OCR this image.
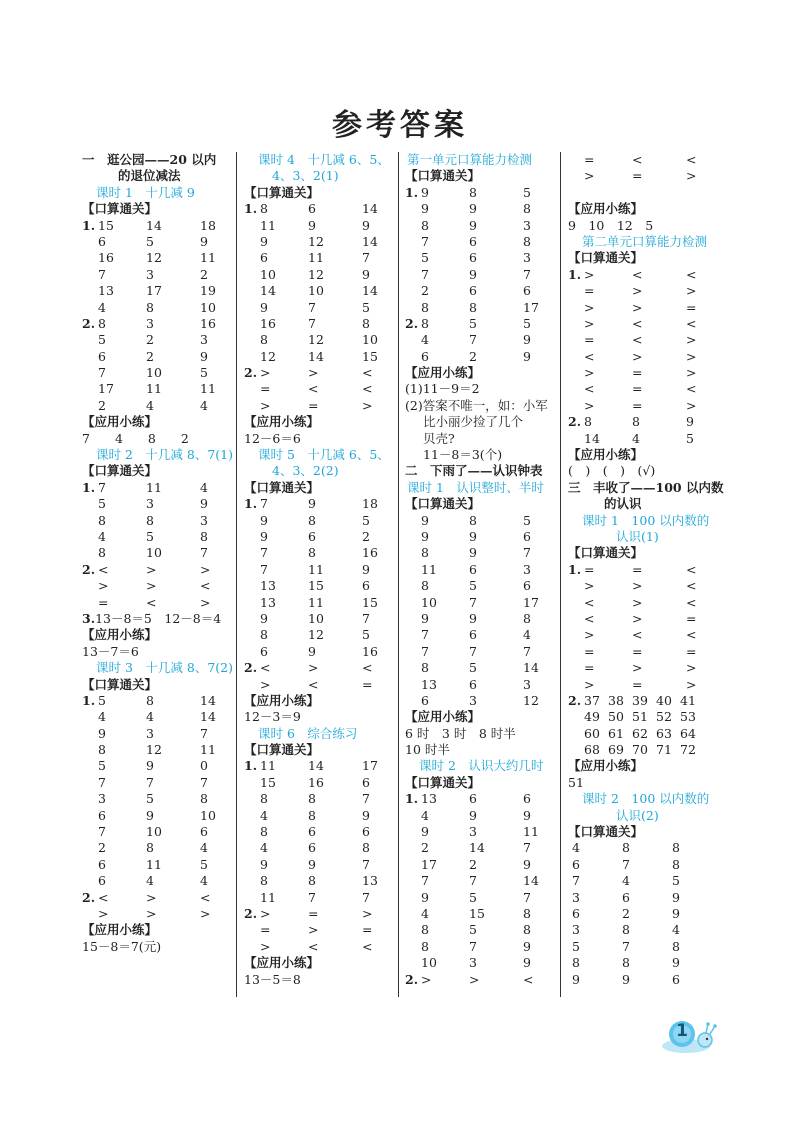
参考答案
一　逛公园——20 以内
的退位减法
课时 1　十几减 9
【口算通关】
1. 15	14	18
6	5	9
16	12	11
7	3	2
13	17	19
4	8	10
2. 8	3	16
5	2	3
6	2	9
7	10	5
17	11	11
2	4	4
【应用小练】
7　　4　　8　　2
课时 2　十几减 8、7(1)
【口算通关】
1. 7	11	4
5	3	9
8	8	3
4	5	8
8	10	7
2. <	>	>
>	>	<
=	<	>
3.13－8＝5　12－8＝4
【应用小练】
13－7＝6
课时 3　十几减 8、7(2)
【口算通关】
1. 5	8	14
4	4	14
9	3	7
8	12	11
5	9	0
7	7	7
3	5	8
6	9	10
7	10	6
2	8	4
6	11	5
6	4	4
2. <	>	<
>	>	>
【应用小练】
15－8＝7(元)
课时 4　十几减 6、5、
4、3、2(1)
【口算通关】
1. 8	6	14
11	9	9
9	12	14
6	11	7
10	12	9
14	10	14
9	7	5
16	7	8
8	12	10
12	14	15
2. >	>	<
=	<	<
>	=	>
【应用小练】
12－6＝6
课时 5　十几减 6、5、
4、3、2(2)
【口算通关】
1. 7	9	18
9	8	5
9	6	2
7	8	16
7	11	9
13	15	6
13	11	15
9	10	7
8	12	5
6	9	16
2. <	>	<
>	<	=
【应用小练】
12－3＝9
课时 6　综合练习
【口算通关】
1. 11	14	17
15	16	6
8	8	7
4	8	9
8	6	6
4	6	8
9	9	7
8	8	13
11	7	7
2. >	=	>
=	>	=
>	<	<
【应用小练】
13－5＝8
第一单元口算能力检测
【口算通关】
1. 9	8	5
9	9	8
8	9	3
7	6	8
5	6	3
7	9	7
2	6	6
8	8	17
2. 8	5	5
4	7	9
6	2	9
【应用小练】
(1)11－9＝2
(2)答案不唯一，如：小军
比小丽少捡了几个
贝壳?
11－8＝3(个)
二　下雨了——认识钟表
课时 1　认识整时、半时
【口算通关】
9	8	5
9	9	6
8	9	7
11	6	3
8	5	6
10	7	17
9	9	8
7	6	4
7	7	7
8	5	14
13	6	3
6	3	12
【应用小练】
6 时　3 时　8 时半
10 时半
课时 2　认识大约几时
【口算通关】
1. 13	6	6
4	9	9
9	3	11
2	14	7
17	2	9
7	7	14
9	5	7
4	15	8
8	5	8
8	7	9
10	3	9
2. >	>	<
=	<	<
>	=	>
【应用小练】
9　10　12　5
第二单元口算能力检测
【口算通关】
1. >	<	<
=	>	>
>	>	=
>	<	<
=	<	>
<	>	>
>	=	>
<	=	<
>	=	>
2. 8	8	9
14	4	5
【应用小练】
(　)　(　)　(√)
三　丰收了——100 以内数
的认识
课时 1　100 以内数的
认识(1)
【口算通关】
1. =	=	<
>	>	<
<	>	<
<	>	=
>	<	<
=	=	=
=	>	>
>	=	>
2. 37 38 39 40 41
49 50 51 52 53
60 61 62 63 64
68 69 70 71 72
【应用小练】
51
课时 2　100 以内数的
认识(2)
【口算通关】
4	8	8
6	7	8
7	4	5
3	6	9
6	2	9
3	8	4
5	7	8
8	8	9
9	9	6
1
